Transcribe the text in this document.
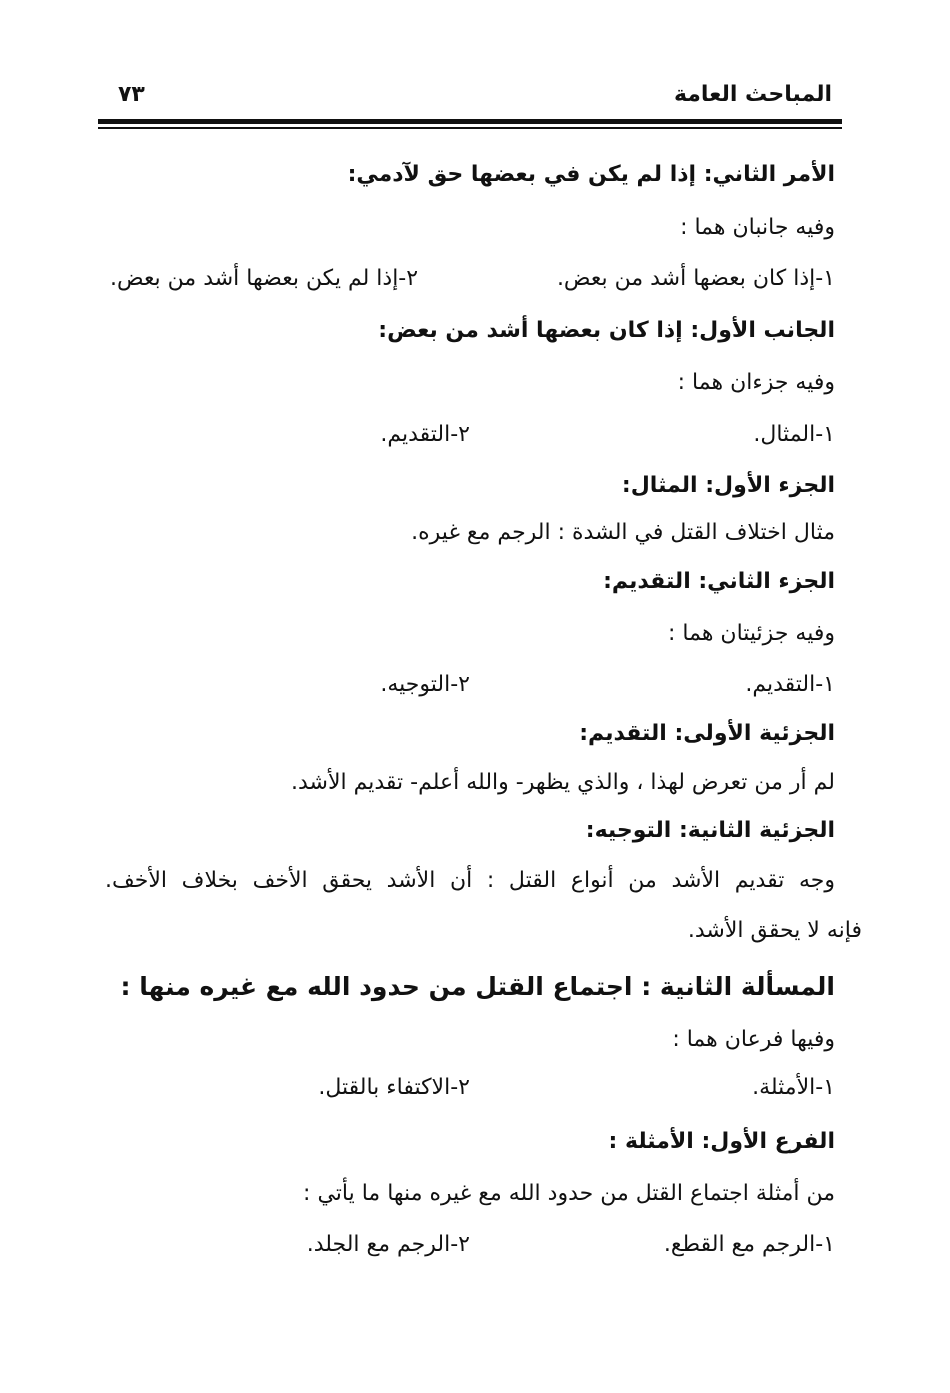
المباحث العامة
٧٣
الأمر الثاني: إذا لم يكن في بعضها حق لآدمي:
وفيه جانبان هما :
١-إذا كان بعضها أشد من بعض.
٢-إذا لم يكن بعضها أشد من بعض.
الجانب الأول: إذا كان بعضها أشد من بعض:
وفيه جزءان هما :
١-المثال.
٢-التقديم.
الجزء الأول: المثال:
مثال اختلاف القتل في الشدة : الرجم مع غيره.
الجزء الثاني: التقديم:
وفيه جزئيتان هما :
١-التقديم.
٢-التوجيه.
الجزئية الأولى: التقديم:
لم أر من تعرض لهذا ، والذي يظهر- والله أعلم- تقديم الأشد.
الجزئية الثانية: التوجيه:
وجه تقديم الأشد من أنواع القتل : أن الأشد يحقق الأخف بخلاف الأخف.
فإنه لا يحقق الأشد.
المسألة الثانية : اجتماع القتل من حدود الله مع غيره منها :
وفيها فرعان هما :
١-الأمثلة.
٢-الاكتفاء بالقتل.
الفرع الأول: الأمثلة :
من أمثلة اجتماع القتل من حدود الله مع غيره منها ما يأتي :
١-الرجم مع القطع.
٢-الرجم مع الجلد.
